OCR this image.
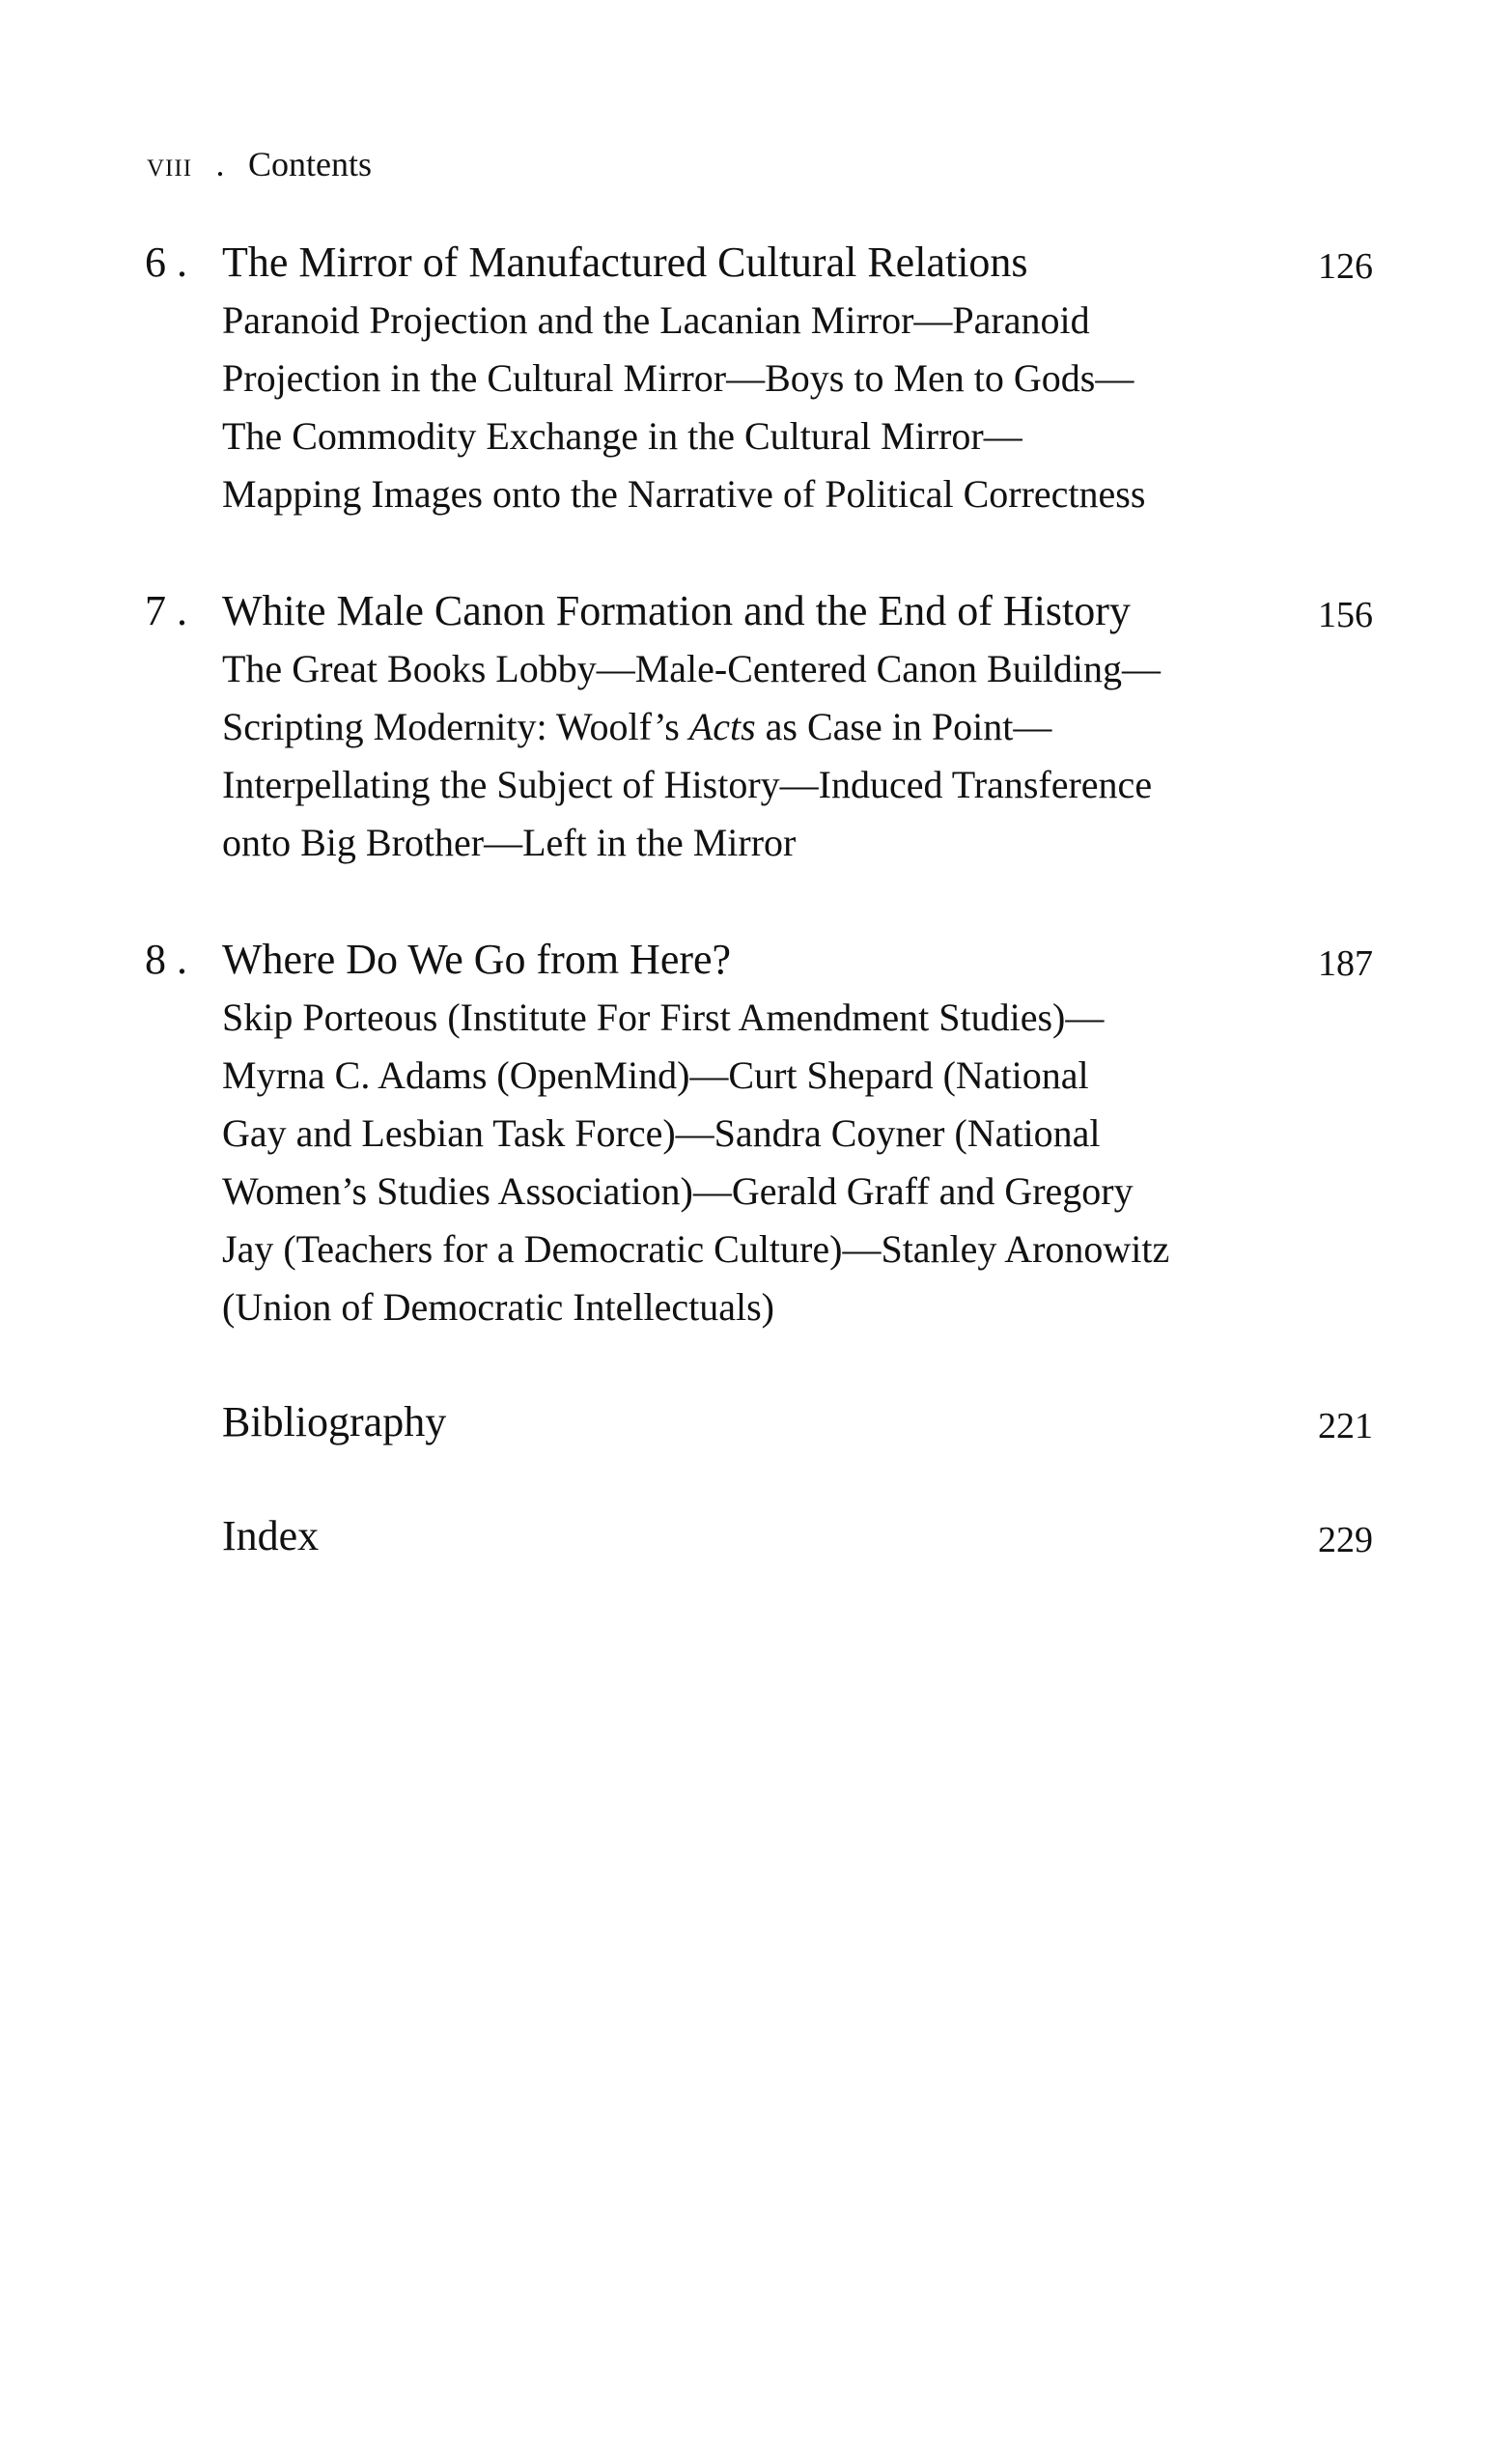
viii . Contents
6 . The Mirror of Manufactured Cultural Relations	126
Paranoid Projection and the Lacanian Mirror—Paranoid
Projection in the Cultural Mirror—Boys to Men to Gods—
The Commodity Exchange in the Cultural Mirror—
Mapping Images onto the Narrative of Political Correctness
7 . White Male Canon Formation and the End of History	156
The Great Books Lobby—Male-Centered Canon Building—
Scripting Modernity: Woolf’s Acts as Case in Point—
Interpellating the Subject of History—Induced Transference
onto Big Brother—Left in the Mirror
8 . Where Do We Go from Here?	187
Skip Porteous (Institute For First Amendment Studies)—
Myrna C. Adams (OpenMind)—Curt Shepard (National
Gay and Lesbian Task Force)—Sandra Coyner (National
Women’s Studies Association)—Gerald Graff and Gregory
Jay (Teachers for a Democratic Culture)—Stanley Aronowitz
(Union of Democratic Intellectuals)
Bibliography	221
Index	229
